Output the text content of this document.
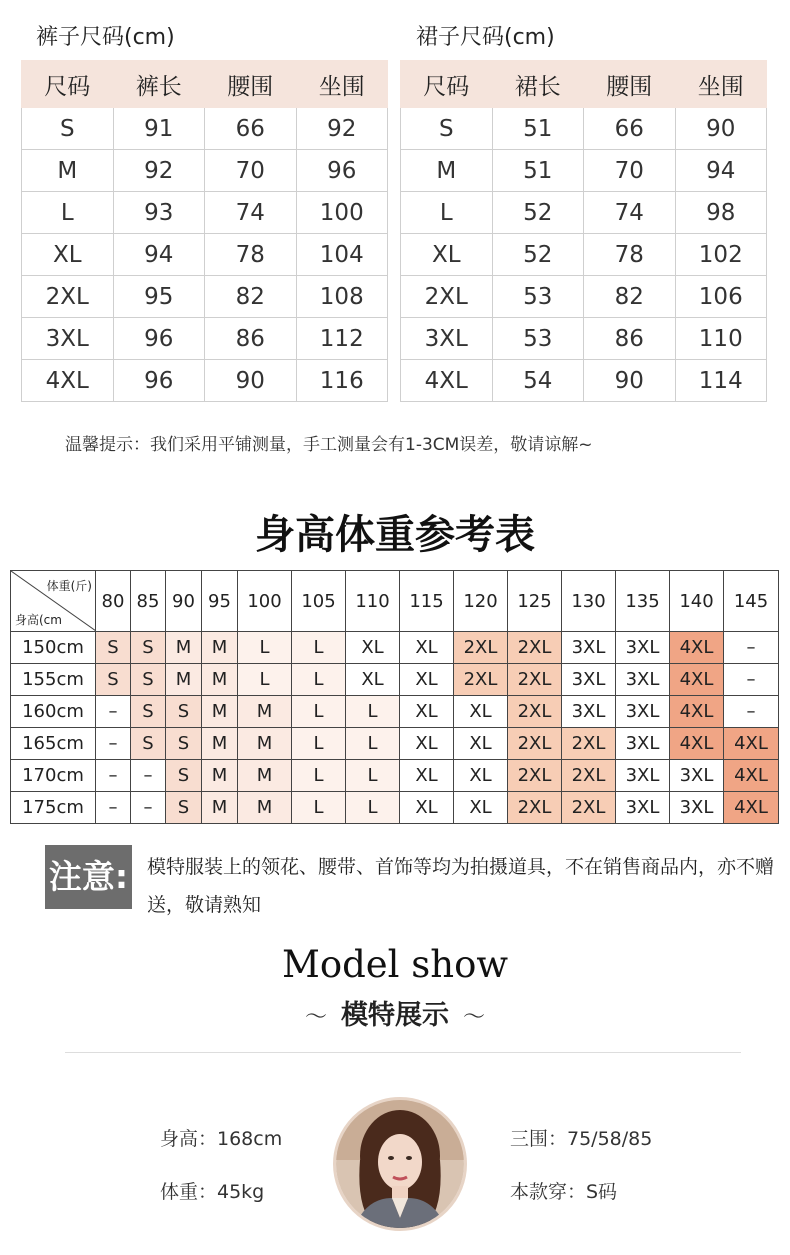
裤子尺码(cm)
尺码	裤长	腰围	坐围
S	91	66	92
M	92	70	96
L	93	74	100
XL	94	78	104
2XL	95	82	108
3XL	96	86	112
4XL	96	90	116
裙子尺码(cm)
尺码	裙长	腰围	坐围
S	51	66	90
M	51	70	94
L	52	74	98
XL	52	78	102
2XL	53	82	106
3XL	53	86	110
4XL	54	90	114
温馨提示：我们采用平铺测量，手工测量会有1-3CM误差，敬请谅解~
身高体重参考表
体重(斤)
身高(cm	80	85	90	95	100	105	110	115	120	125	130	135	140	145
150cm	S	S	M	M	L	L	XL	XL	2XL	2XL	3XL	3XL	4XL	–
155cm	S	S	M	M	L	L	XL	XL	2XL	2XL	3XL	3XL	4XL	–
160cm	–	S	S	M	M	L	L	XL	XL	2XL	3XL	3XL	4XL	–
165cm	–	S	S	M	M	L	L	XL	XL	2XL	2XL	3XL	4XL	4XL
170cm	–	–	S	M	M	L	L	XL	XL	2XL	2XL	3XL	3XL	4XL
175cm	–	–	S	M	M	L	L	XL	XL	2XL	2XL	3XL	3XL	4XL
注意: 模特服装上的领花、腰带、首饰等均为拍摄道具，不在销售商品内，亦不赠送，敬请熟知
Model show
〜 模特展示 〜
身高：168cm
体重：45kg
三围：75/58/85
本款穿：S码
